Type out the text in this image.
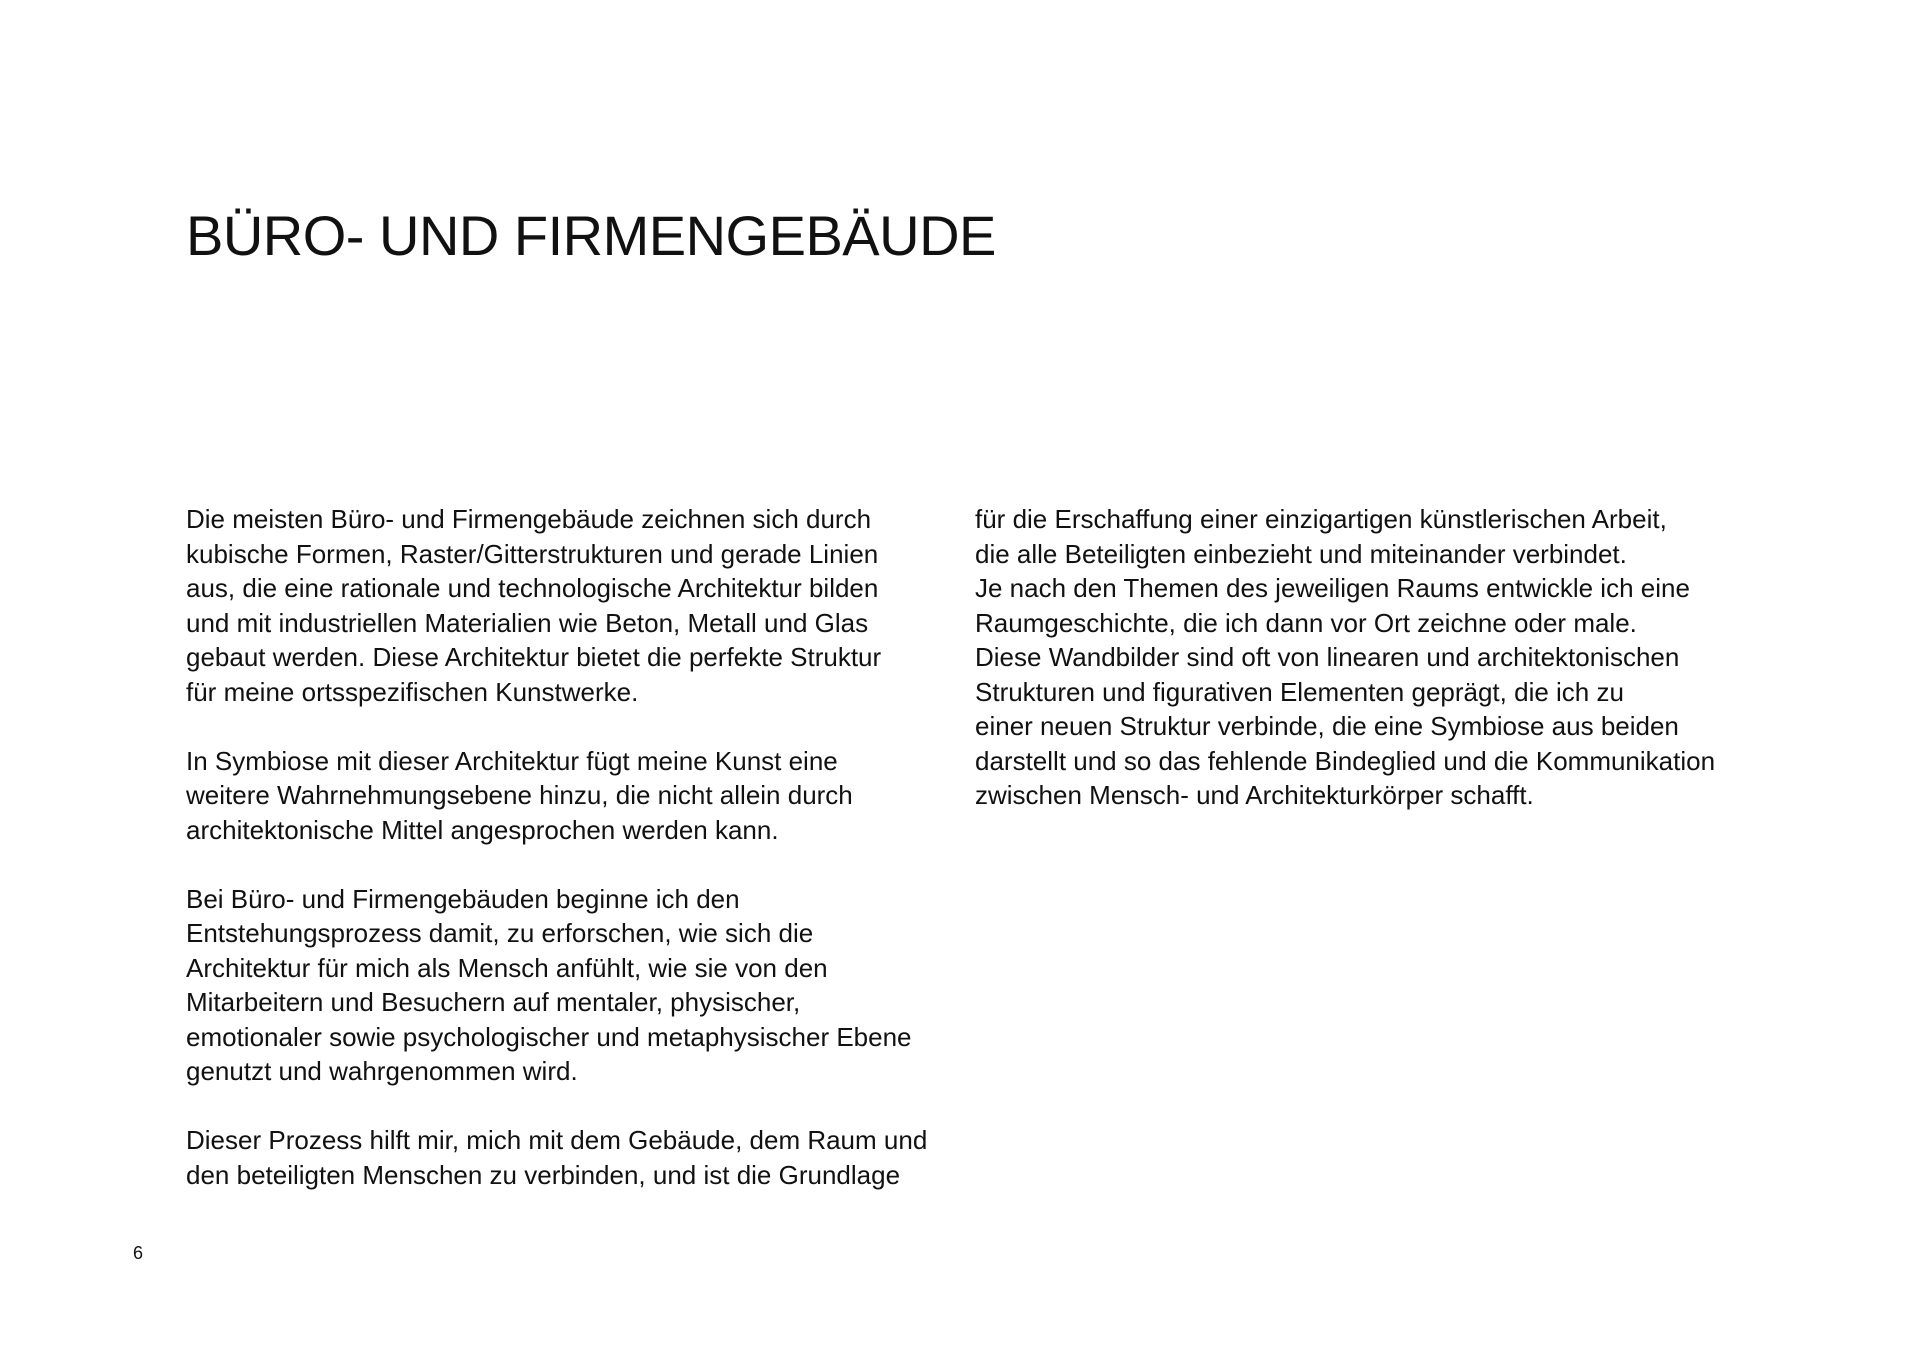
BÜRO- UND FIRMENGEBÄUDE
Die meisten Büro- und Firmengebäude zeichnen sich durch
kubische Formen, Raster/Gitterstrukturen und gerade Linien
aus, die eine rationale und technologische Architektur bilden
und mit industriellen Materialien wie Beton, Metall und Glas
gebaut werden. Diese Architektur bietet die perfekte Struktur
für meine ortsspezifischen Kunstwerke.
In Symbiose mit dieser Architektur fügt meine Kunst eine
weitere Wahrnehmungsebene hinzu, die nicht allein durch
architektonische Mittel angesprochen werden kann.
Bei Büro- und Firmengebäuden beginne ich den
Entstehungsprozess damit, zu erforschen, wie sich die
Architektur für mich als Mensch anfühlt, wie sie von den
Mitarbeitern und Besuchern auf mentaler, physischer,
emotionaler sowie psychologischer und metaphysischer Ebene
genutzt und wahrgenommen wird.
Dieser Prozess hilft mir, mich mit dem Gebäude, dem Raum und
den beteiligten Menschen zu verbinden, und ist die Grundlage
für die Erschaffung einer einzigartigen künstlerischen Arbeit,
die alle Beteiligten einbezieht und miteinander verbindet.
Je nach den Themen des jeweiligen Raums entwickle ich eine
Raumgeschichte, die ich dann vor Ort zeichne oder male.
Diese Wandbilder sind oft von linearen und architektonischen
Strukturen und figurativen Elementen geprägt, die ich zu
einer neuen Struktur verbinde, die eine Symbiose aus beiden
darstellt und so das fehlende Bindeglied und die Kommunikation
zwischen Mensch- und Architekturkörper schafft.
6
